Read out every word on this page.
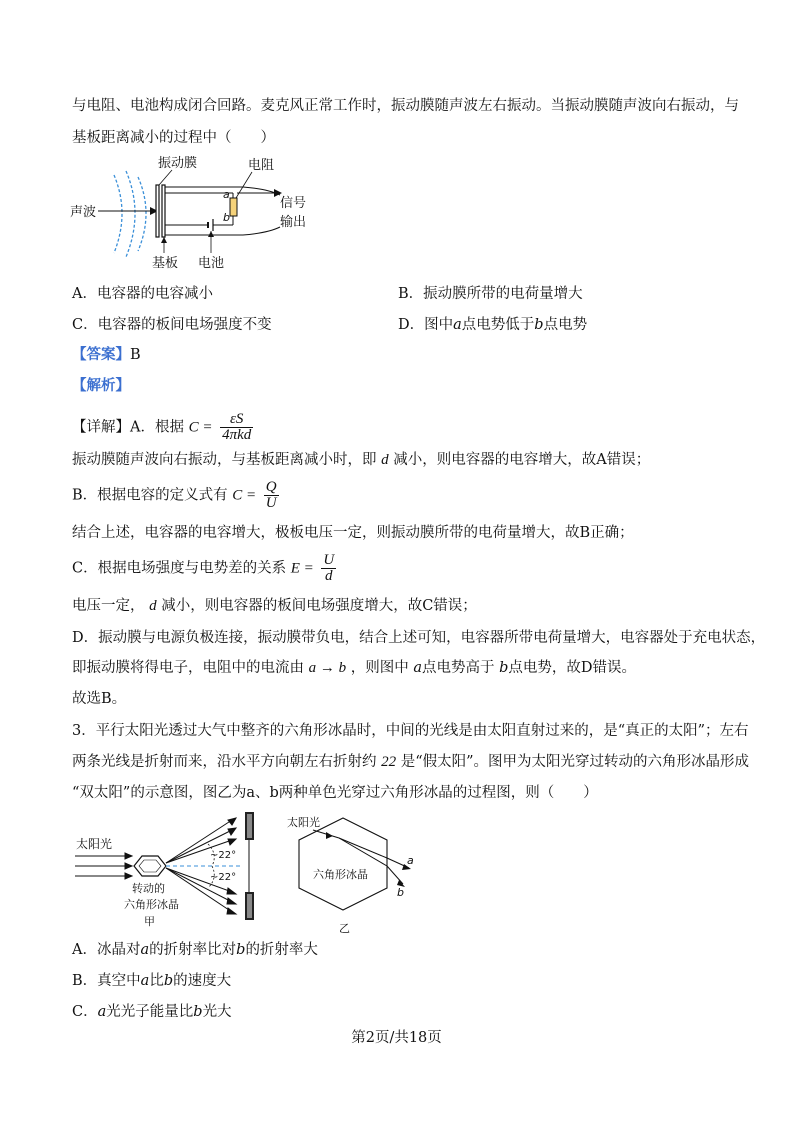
与电阻、电池构成闭合回路。麦克风正常工作时，振动膜随声波左右振动。当振动膜随声波向右振动，与
基板距离减小的过程中（　　）
声波
a
b
信号
输出
振动膜	电阻
基板 电池
A．电容器的电容减小	B．振动膜所带的电荷量增大
C．电容器的板间电场强度不变	D．图中a点电势低于b点电势
【答案】B
【解析】
【详解】A．根据 $C = \frac{\varepsilon S}{\text{4πkd}}$
振动膜随声波向右振动，与基板距离减小时，即 d 减小，则电容器的电容增大，故A错误；
B．根据电容的定义式有 $C = \frac{Q}{U}$
结合上述，电容器的电容增大，极板电压一定，则振动膜所带的电荷量增大，故B正确；
C．根据电场强度与电势差的关系 $E = \frac{U}{d}$
电压一定， d 减小，则电容器的板间电场强度增大，故C错误；
D．振动膜与电源负极连接，振动膜带负电，结合上述可知，电容器所带电荷量增大，电容器处于充电状态，
即振动膜将得电子，电阻中的电流由 a → b ，则图中 a点电势高于 b点电势，故D错误。
故选B。
3．平行太阳光透过大气中整齐的六角形冰晶时，中间的光线是由太阳直射过来的，是“真正的太阳”；左右
两条光线是折射而来，沿水平方向朝左右折射约 22 是“假太阳”。图甲为太阳光穿过转动的六角形冰晶形成
“双太阳”的示意图，图乙为a、b两种单色光穿过六角形冰晶的过程图，则（　　）
太阳光
~22°
~22°
转动的
六角形冰晶
甲
太阳光
a
b
六角形冰晶
乙
A．冰晶对a的折射率比对b的折射率大
B．真空中a比b的速度大
C．a光光子能量比b光大
第2页/共18页
